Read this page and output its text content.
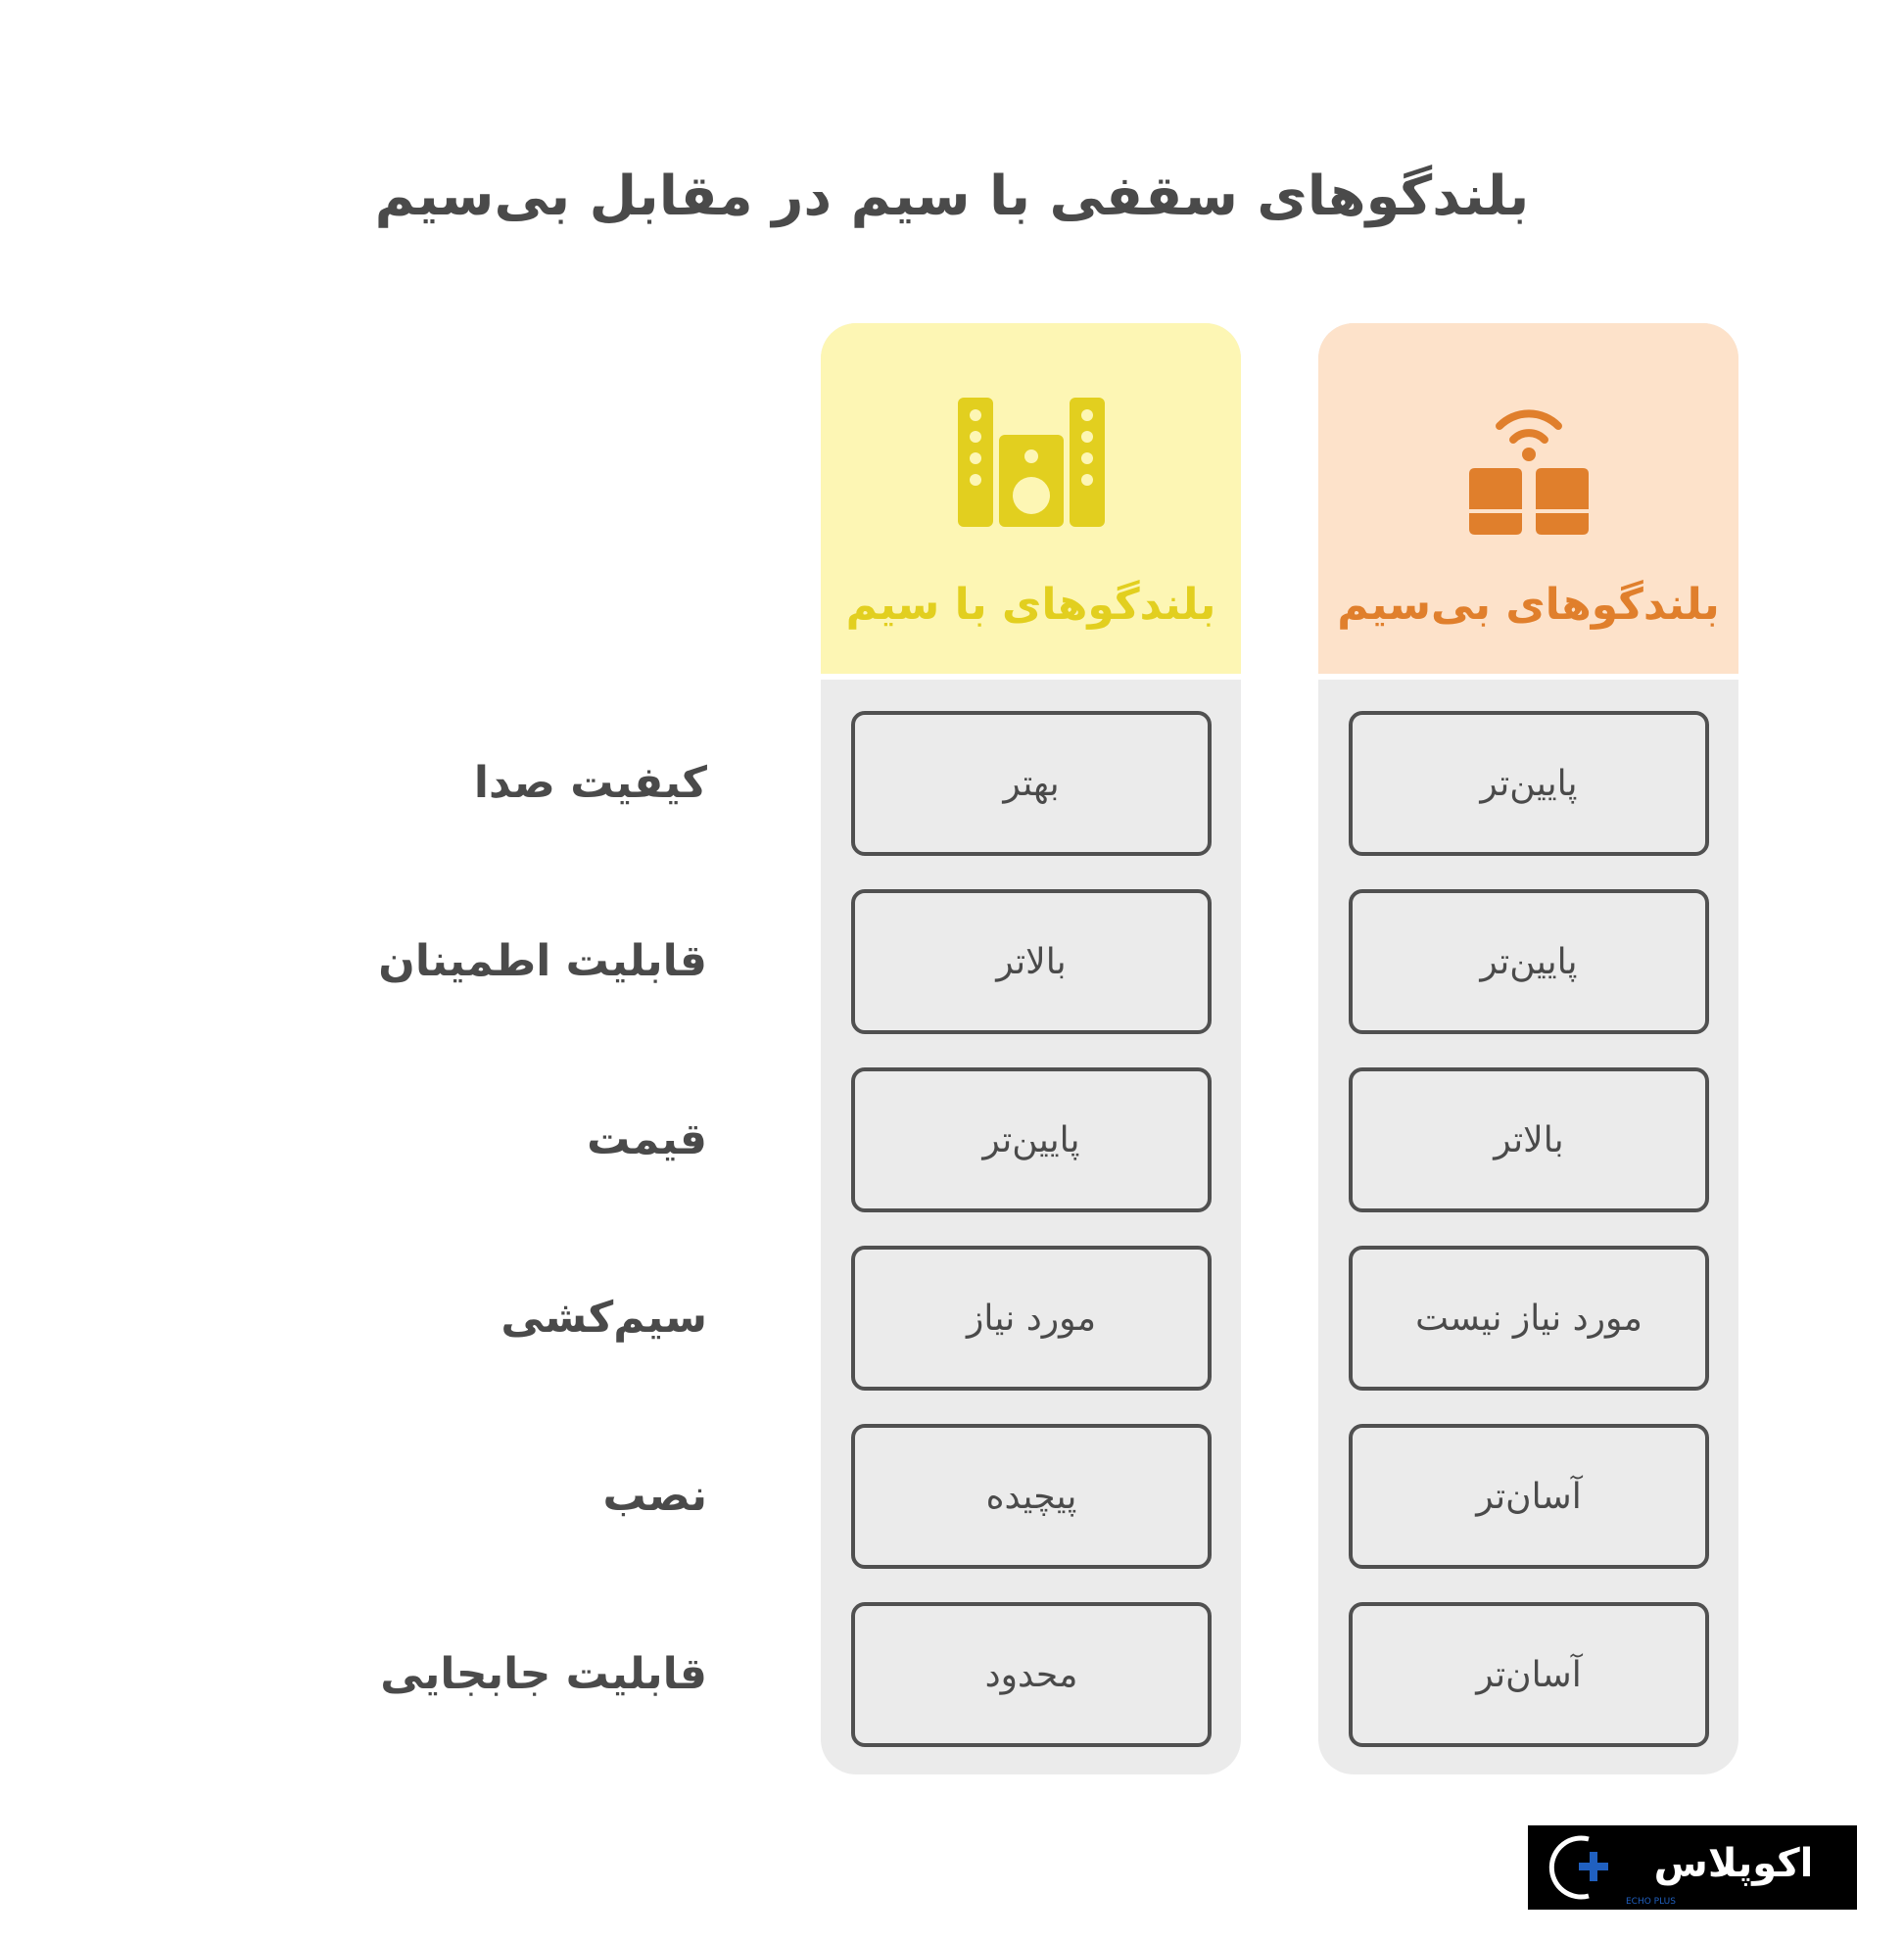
بلندگوهای سقفی با سیم در مقابل بی‌سیم
کیفیت صدا
قابلیت اطمینان
قیمت
سیم‌کشی
نصب
قابلیت جابجایی
بلندگوهای با سیم
بهتر
بالاتر
پایین‌تر
مورد نیاز
پیچیده
محدود
بلندگوهای بی‌سیم
پایین‌تر
پایین‌تر
بالاتر
مورد نیاز نیست
آسان‌تر
آسان‌تر
اکوپلاس
ECHO PLUS
